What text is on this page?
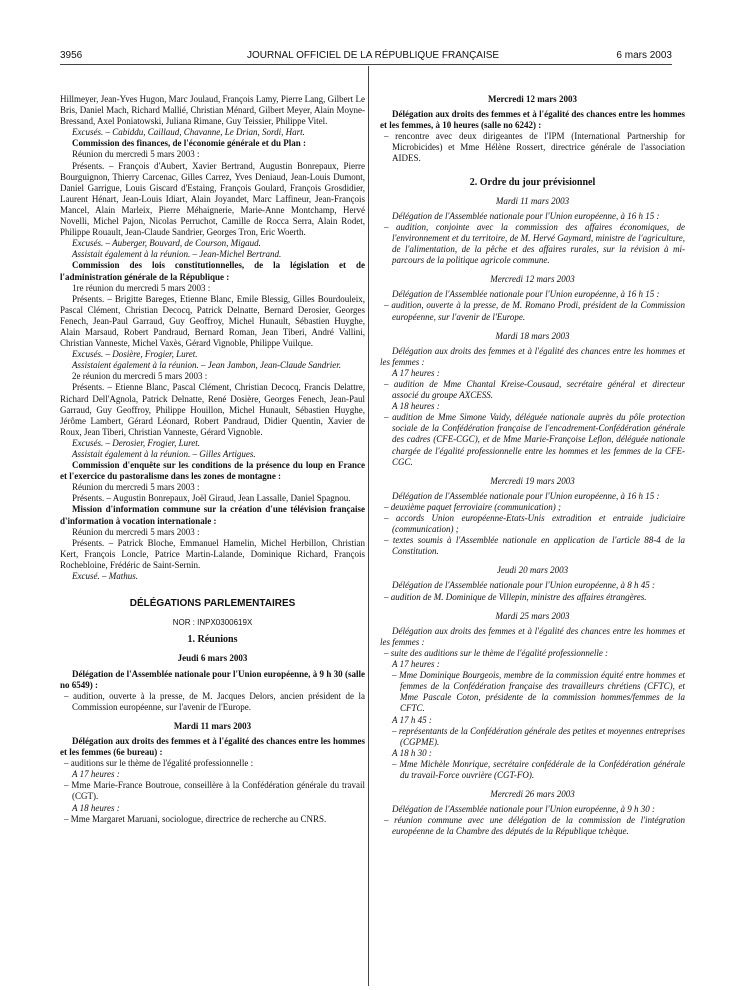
3956	JOURNAL OFFICIEL DE LA RÉPUBLIQUE FRANÇAISE	6 mars 2003

Hillmeyer, Jean-Yves Hugon, Marc Joulaud, François Lamy, Pierre Lang, Gilbert Le Bris, Daniel Mach, Richard Mallié, Christian Ménard, Gilbert Meyer, Alain Moyne-Bressand, Axel Poniatowski, Juliana Rimane, Guy Teissier, Philippe Vitel.

Excusés. – Cabiddu, Caillaud, Chavanne, Le Drian, Sordi, Hart.

Commission des finances, de l'économie générale et du Plan :

Réunion du mercredi 5 mars 2003 :

Présents. – François d'Aubert, Xavier Bertrand, Augustin Bonrepaux, Pierre Bourguignon, Thierry Carcenac, Gilles Carrez, Yves Deniaud, Jean-Louis Dumont, Daniel Garrigue, Louis Giscard d'Estaing, François Goulard, François Grosdidier, Laurent Hénart, Jean-Louis Idiart, Alain Joyandet, Marc Laffineur, Jean-François Mancel, Alain Marleix, Pierre Méhaignerie, Marie-Anne Montchamp, Hervé Novelli, Michel Pajon, Nicolas Perruchot, Camille de Rocca Serra, Alain Rodet, Philippe Rouault, Jean-Claude Sandrier, Georges Tron, Eric Woerth.

Excusés. – Auberger, Bouvard, de Courson, Migaud.

Assistait également à la réunion. – Jean-Michel Bertrand.

Commission des lois constitutionnelles, de la législation et de l'administration générale de la République :

1re réunion du mercredi 5 mars 2003 :

Présents. – Brigitte Bareges, Etienne Blanc, Emile Blessig, Gilles Bourdouleix, Pascal Clément, Christian Decocq, Patrick Delnatte, Bernard Derosier, Georges Fenech, Jean-Paul Garraud, Guy Geoffroy, Michel Hunault, Sébastien Huyghe, Alain Marsaud, Robert Pandraud, Bernard Roman, Jean Tiberi, André Vallini, Christian Vanneste, Michel Vaxès, Gérard Vignoble, Philippe Vuilque.

Excusés. – Dosière, Frogier, Luret.

Assistaient également à la réunion. – Jean Jambon, Jean-Claude Sandrier.

2e réunion du mercredi 5 mars 2003 :

Présents. – Etienne Blanc, Pascal Clément, Christian Decocq, Francis Delattre, Richard Dell'Agnola, Patrick Delnatte, René Dosière, Georges Fenech, Jean-Paul Garraud, Guy Geoffroy, Philippe Houillon, Michel Hunault, Sébastien Huyghe, Jérôme Lambert, Gérard Léonard, Robert Pandraud, Didier Quentin, Xavier de Roux, Jean Tiberi, Christian Vanneste, Gérard Vignoble.

Excusés. – Derosier, Frogier, Luret.

Assistait également à la réunion. – Gilles Artigues.

Commission d'enquête sur les conditions de la présence du loup en France et l'exercice du pastoralisme dans les zones de montagne :

Réunion du mercredi 5 mars 2003 :

Présents. – Augustin Bonrepaux, Joël Giraud, Jean Lassalle, Daniel Spagnou.

Mission d'information commune sur la création d'une télévision française d'information à vocation internationale :

Réunion du mercredi 5 mars 2003 :

Présents. – Patrick Bloche, Emmanuel Hamelin, Michel Herbillon, Christian Kert, François Loncle, Patrice Martin-Lalande, Dominique Richard, François Rochebloine, Frédéric de Saint-Sernin.

Excusé. – Mathus.

DÉLÉGATIONS PARLEMENTAIRES

NOR : INPX0300619X

1. Réunions

Jeudi 6 mars 2003

Délégation de l'Assemblée nationale pour l'Union européenne, à 9 h 30 (salle no 6549) :

– audition, ouverte à la presse, de M. Jacques Delors, ancien président de la Commission européenne, sur l'avenir de l'Europe.

Mardi 11 mars 2003

Délégation aux droits des femmes et à l'égalité des chances entre les hommes et les femmes (6e bureau) :

– auditions sur le thème de l'égalité professionnelle :

A 17 heures :

– Mme Marie-France Boutroue, conseillère à la Confédération générale du travail (CGT).

A 18 heures :

– Mme Margaret Maruani, sociologue, directrice de recherche au CNRS.

Mercredi 12 mars 2003

Délégation aux droits des femmes et à l'égalité des chances entre les hommes et les femmes, à 10 heures (salle no 6242) :

– rencontre avec deux dirigeantes de l'IPM (International Partnership for Microbicides) et Mme Hélène Rossert, directrice générale de l'association AIDES.

2. Ordre du jour prévisionnel

Mardi 11 mars 2003

Délégation de l'Assemblée nationale pour l'Union européenne, à 16 h 15 :

– audition, conjointe avec la commission des affaires économiques, de l'environnement et du territoire, de M. Hervé Gaymard, ministre de l'agriculture, de l'alimentation, de la pêche et des affaires rurales, sur la révision à mi-parcours de la politique agricole commune.

Mercredi 12 mars 2003

Délégation de l'Assemblée nationale pour l'Union européenne, à 16 h 15 :

– audition, ouverte à la presse, de M. Romano Prodi, président de la Commission européenne, sur l'avenir de l'Europe.

Mardi 18 mars 2003

Délégation aux droits des femmes et à l'égalité des chances entre les hommes et les femmes :

A 17 heures :

– audition de Mme Chantal Kreise-Cousaud, secrétaire général et directeur associé du groupe AXCESS.

A 18 heures :

– audition de Mme Simone Vaidy, déléguée nationale auprès du pôle protection sociale de la Confédération française de l'encadrement-Confédération générale des cadres (CFE-CGC), et de Mme Marie-Françoise Leflon, déléguée nationale chargée de l'égalité professionnelle entre les hommes et les femmes de la CFE-CGC.

Mercredi 19 mars 2003

Délégation de l'Assemblée nationale pour l'Union européenne, à 16 h 15 :

– deuxième paquet ferroviaire (communication) ;

– accords Union européenne-Etats-Unis extradition et entraide judiciaire (communication) ;

– textes soumis à l'Assemblée nationale en application de l'article 88-4 de la Constitution.

Jeudi 20 mars 2003

Délégation de l'Assemblée nationale pour l'Union européenne, à 8 h 45 :

– audition de M. Dominique de Villepin, ministre des affaires étrangères.

Mardi 25 mars 2003

Délégation aux droits des femmes et à l'égalité des chances entre les hommes et les femmes :

– suite des auditions sur le thème de l'égalité professionnelle :

A 17 heures :

– Mme Dominique Bourgeois, membre de la commission équité entre hommes et femmes de la Confédération française des travailleurs chrétiens (CFTC), et Mme Pascale Coton, présidente de la commission hommes/femmes de la CFTC.

A 17 h 45 :

– représentants de la Confédération générale des petites et moyennes entreprises (CGPME).

A 18 h 30 :

– Mme Michèle Monrique, secrétaire confédérale de la Confédération générale du travail-Force ouvrière (CGT-FO).

Mercredi 26 mars 2003

Délégation de l'Assemblée nationale pour l'Union européenne, à 9 h 30 :

– réunion commune avec une délégation de la commission de l'intégration européenne de la Chambre des députés de la République tchèque.
